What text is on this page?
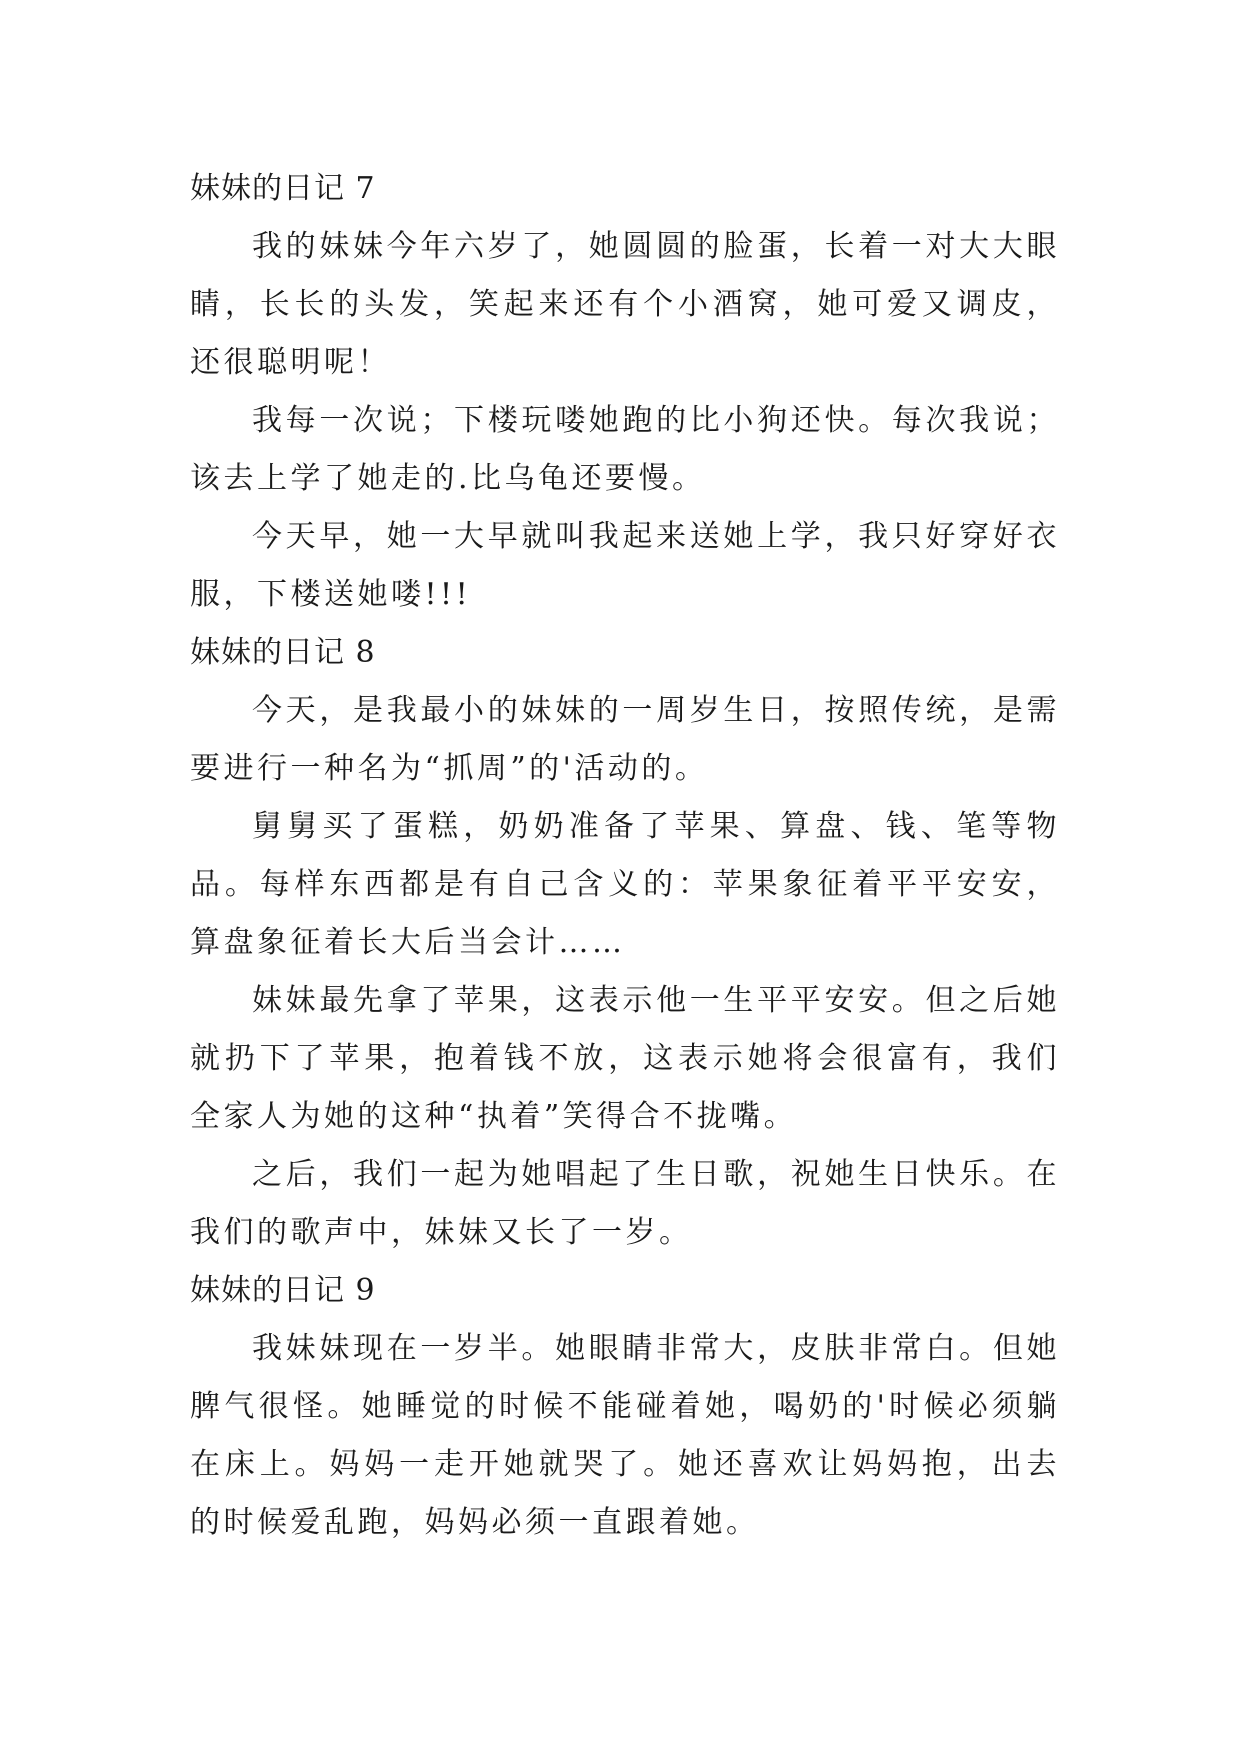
妹妹的日记 7

我的妹妹今年六岁了，她圆圆的脸蛋，长着一对大大眼睛，长长的头发，笑起来还有个小酒窝，她可爱又调皮，还很聪明呢！

我每一次说；下楼玩喽她跑的比小狗还快。每次我说；该去上学了她走的.比乌龟还要慢。

今天早，她一大早就叫我起来送她上学，我只好穿好衣服，下楼送她喽!!!

妹妹的日记 8

今天，是我最小的妹妹的一周岁生日，按照传统，是需要进行一种名为“抓周”的'活动的。

舅舅买了蛋糕，奶奶准备了苹果、算盘、钱、笔等物品。每样东西都是有自己含义的：苹果象征着平平安安，算盘象征着长大后当会计……

妹妹最先拿了苹果，这表示他一生平平安安。但之后她就扔下了苹果，抱着钱不放，这表示她将会很富有，我们全家人为她的这种“执着”笑得合不拢嘴。

之后，我们一起为她唱起了生日歌，祝她生日快乐。在我们的歌声中，妹妹又长了一岁。

妹妹的日记 9

我妹妹现在一岁半。她眼睛非常大，皮肤非常白。但她脾气很怪。她睡觉的时候不能碰着她，喝奶的'时候必须躺在床上。妈妈一走开她就哭了。她还喜欢让妈妈抱，出去的时候爱乱跑，妈妈必须一直跟着她。
